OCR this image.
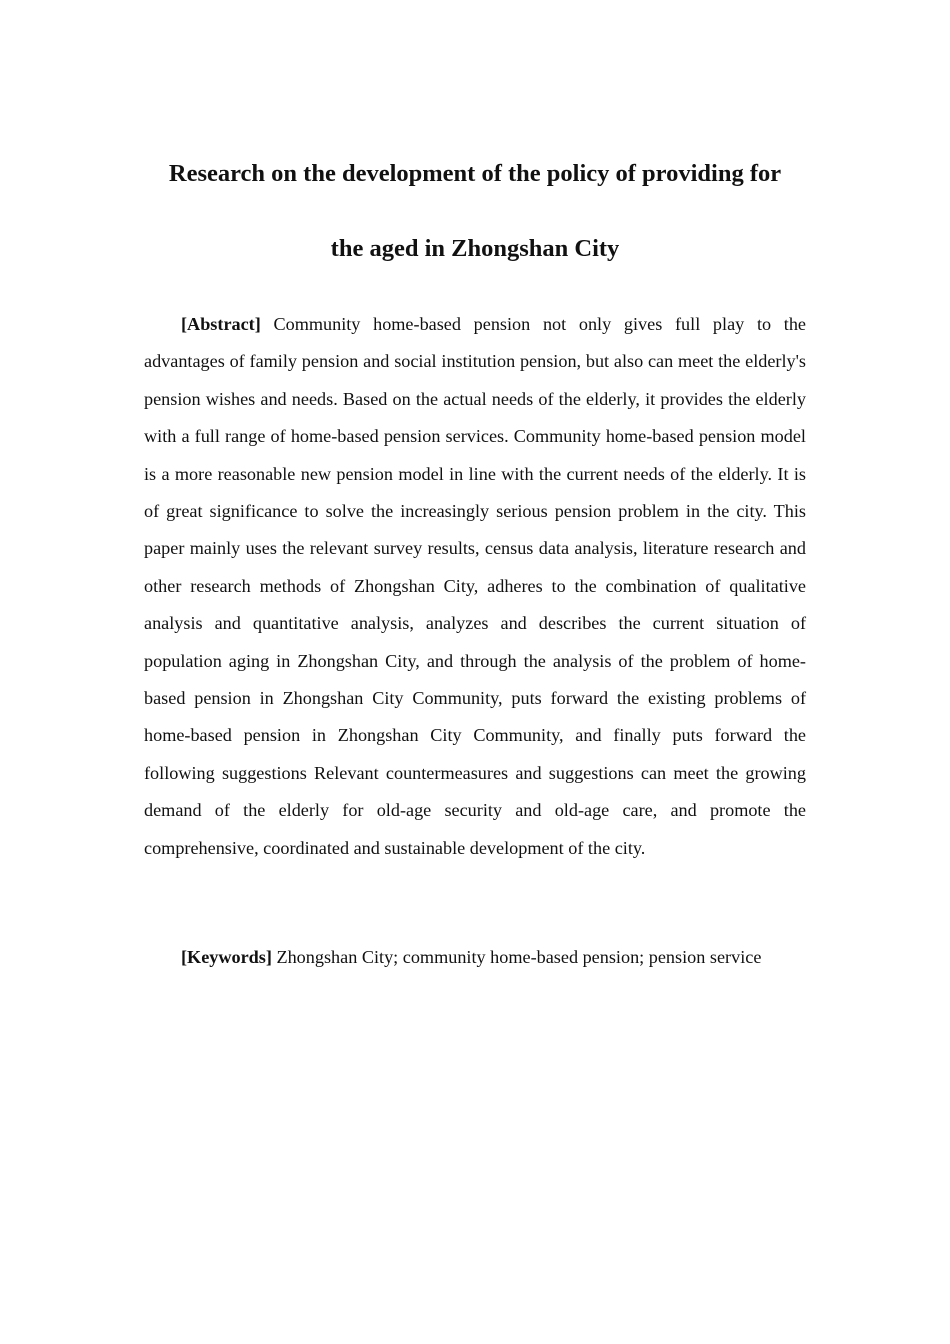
Research on the development of the policy of providing for
the aged in Zhongshan City

[Abstract] Community home-based pension not only gives full play to the advantages of family pension and social institution pension, but also can meet the elderly's pension wishes and needs. Based on the actual needs of the elderly, it provides the elderly with a full range of home-based pension services. Community home-based pension model is a more reasonable new pension model in line with the current needs of the elderly. It is of great significance to solve the increasingly serious pension problem in the city. This paper mainly uses the relevant survey results, census data analysis, literature research and other research methods of Zhongshan City, adheres to the combination of qualitative analysis and quantitative analysis, analyzes and describes the current situation of population aging in Zhongshan City, and through the analysis of the problem of home-based pension in Zhongshan City Community, puts forward the existing problems of home-based pension in Zhongshan City Community, and finally puts forward the following suggestions Relevant countermeasures and suggestions can meet the growing demand of the elderly for old-age security and old-age care, and promote the comprehensive, coordinated and sustainable development of the city.

[Keywords] Zhongshan City; community home-based pension; pension service
